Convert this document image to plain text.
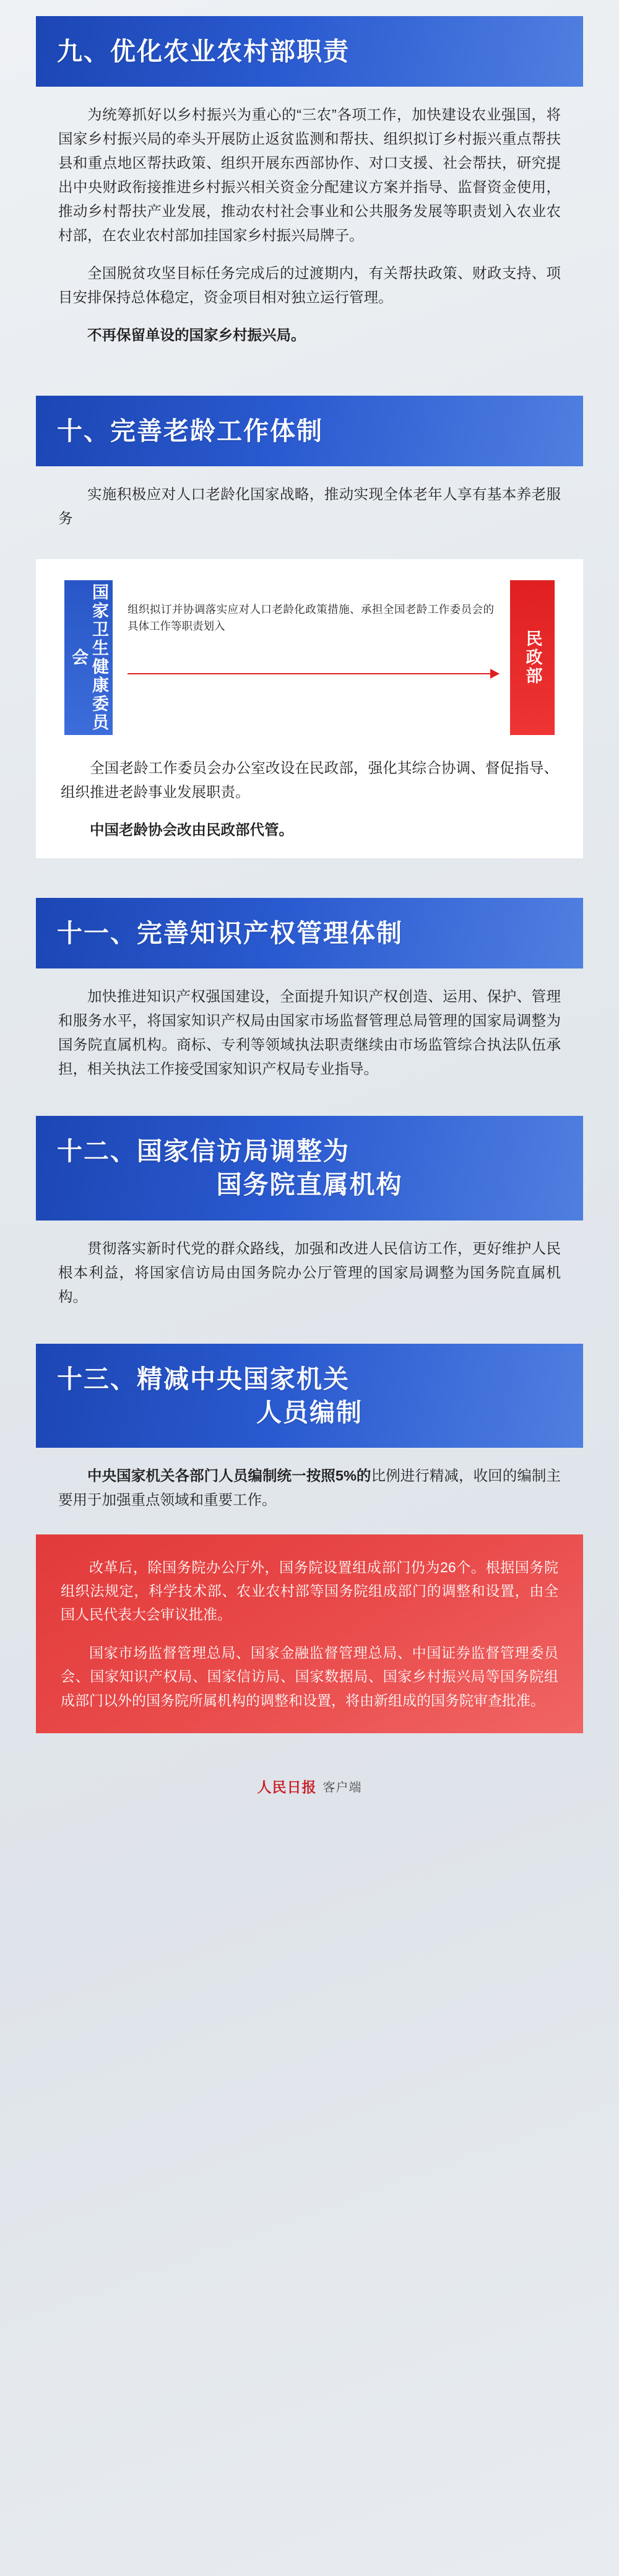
九、优化农业农村部职责

为统筹抓好以乡村振兴为重心的“三农”各项工作，加快建设农业强国，将国家乡村振兴局的牵头开展防止返贫监测和帮扶、组织拟订乡村振兴重点帮扶县和重点地区帮扶政策、组织开展东西部协作、对口支援、社会帮扶，研究提出中央财政衔接推进乡村振兴相关资金分配建议方案并指导、监督资金使用，推动乡村帮扶产业发展，推动农村社会事业和公共服务发展等职责划入农业农村部，在农业农村部加挂国家乡村振兴局牌子。

全国脱贫攻坚目标任务完成后的过渡期内，有关帮扶政策、财政支持、项目安排保持总体稳定，资金项目相对独立运行管理。

不再保留单设的国家乡村振兴局。

十、完善老龄工作体制

实施积极应对人口老龄化国家战略，推动实现全体老年人享有基本养老服务

国家卫生健康委员会
组织拟订并协调落实应对人口老龄化政策措施、承担全国老龄工作委员会的具体工作等职责划入
民政部

全国老龄工作委员会办公室改设在民政部，强化其综合协调、督促指导、组织推进老龄事业发展职责。

中国老龄协会改由民政部代管。

十一、完善知识产权管理体制

加快推进知识产权强国建设，全面提升知识产权创造、运用、保护、管理和服务水平，将国家知识产权局由国家市场监督管理总局管理的国家局调整为国务院直属机构。商标、专利等领域执法职责继续由市场监管综合执法队伍承担，相关执法工作接受国家知识产权局专业指导。

十二、国家信访局调整为
国务院直属机构

贯彻落实新时代党的群众路线，加强和改进人民信访工作，更好维护人民根本利益，将国家信访局由国务院办公厅管理的国家局调整为国务院直属机构。

十三、精减中央国家机关
人员编制

中央国家机关各部门人员编制统一按照5%的比例进行精减，收回的编制主要用于加强重点领域和重要工作。

改革后，除国务院办公厅外，国务院设置组成部门仍为26个。根据国务院组织法规定，科学技术部、农业农村部等国务院组成部门的调整和设置，由全国人民代表大会审议批准。

国家市场监督管理总局、国家金融监督管理总局、中国证券监督管理委员会、国家知识产权局、国家信访局、国家数据局、国家乡村振兴局等国务院组成部门以外的国务院所属机构的调整和设置，将由新组成的国务院审查批准。

人民日报 客户端
